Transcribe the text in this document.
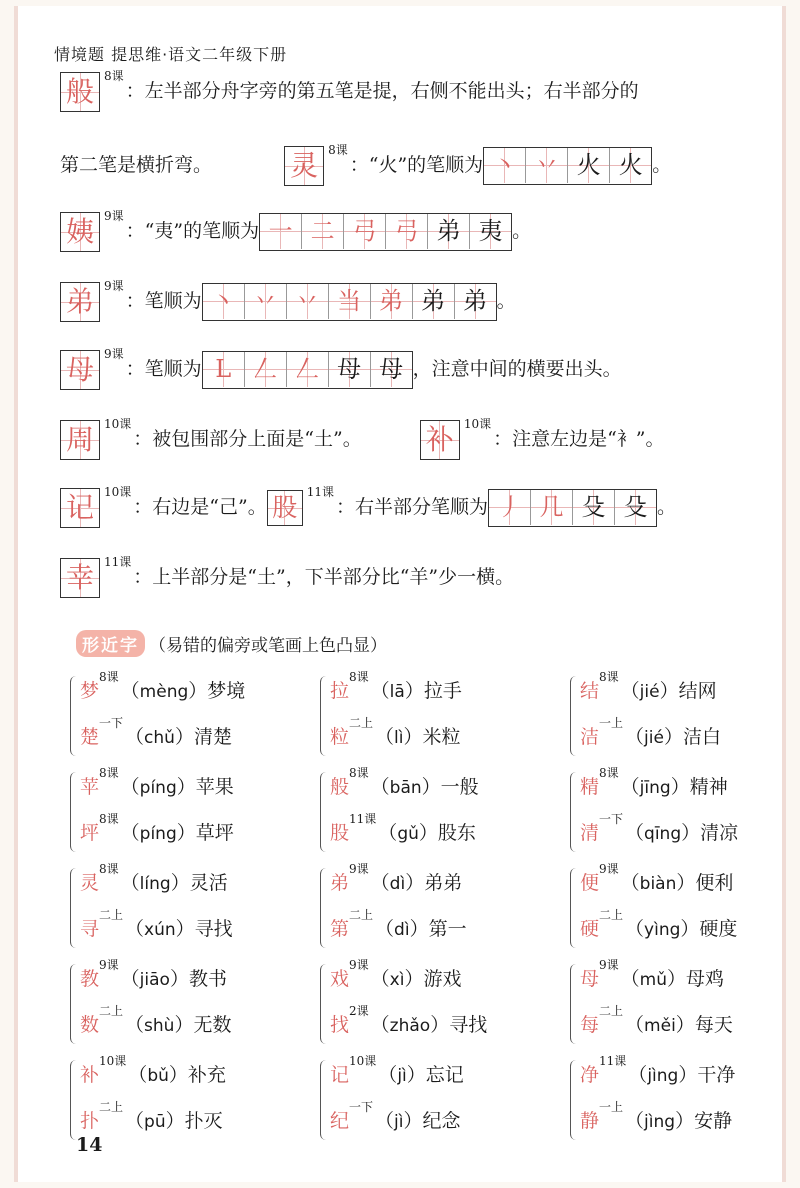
情境题 提思维·语文二年级下册
般 $^{8课}$：左半部分舟字旁的第五笔是提，右侧不能出头；右半部分的
第二笔是横折弯。	灵 $^{8课}$：“火”的笔顺为 丶 丷 火 火 。
姨 $^{9课}$：“夷”的笔顺为 一 二 弓 弓 弟 夷 。
弟 $^{9课}$：笔顺为 丶 丷 丷 当 弟 弟 弟 。
母 $^{9课}$：笔顺为 L 𠃋 𠃋 母 母 ，注意中间的横要出头。
周 $^{10课}$：被包围部分上面是“土”。 补 $^{10课}$：注意左边是“衤”。
记 $^{10课}$：右边是“己”。 股$^{11课}$：右半部分笔顺为 丿 几 殳 殳 。
幸 $^{11课}$：上半部分是“土”，下半部分比“羊”少一横。
形近字 （易错的偏旁或笔画上色凸显）
梦$^{8课}$（mèng）梦境
楚$^{一下}$（chǔ）清楚
拉$^{8课}$（lā）拉手
粒$^{二上}$（lì）米粒
结$^{8课}$（jié）结网
洁$^{一上}$（jié）洁白
苹$^{8课}$（píng）苹果
坪$^{8课}$（píng）草坪
般$^{8课}$（bān）一般
股$^{11课}$（gǔ）股东
精$^{8课}$（jīng）精神
清$^{一下}$（qīng）清凉
灵$^{8课}$（líng）灵活
寻$^{二上}$（xún）寻找
弟$^{9课}$（dì）弟弟
第$^{二上}$（dì）第一
便$^{9课}$（biàn）便利
硬$^{二上}$（yìng）硬度
教$^{9课}$（jiāo）教书
数$^{二上}$（shù）无数
戏$^{9课}$（xì）游戏
找$^{2课}$（zhǎo）寻找
母$^{9课}$（mǔ）母鸡
每$^{二上}$（měi）每天
补$^{10课}$（bǔ）补充
扑$^{二上}$（pū）扑灭
记$^{10课}$（jì）忘记
纪$^{一下}$（jì）纪念
净$^{11课}$（jìng）干净
静$^{一上}$（jìng）安静
14
